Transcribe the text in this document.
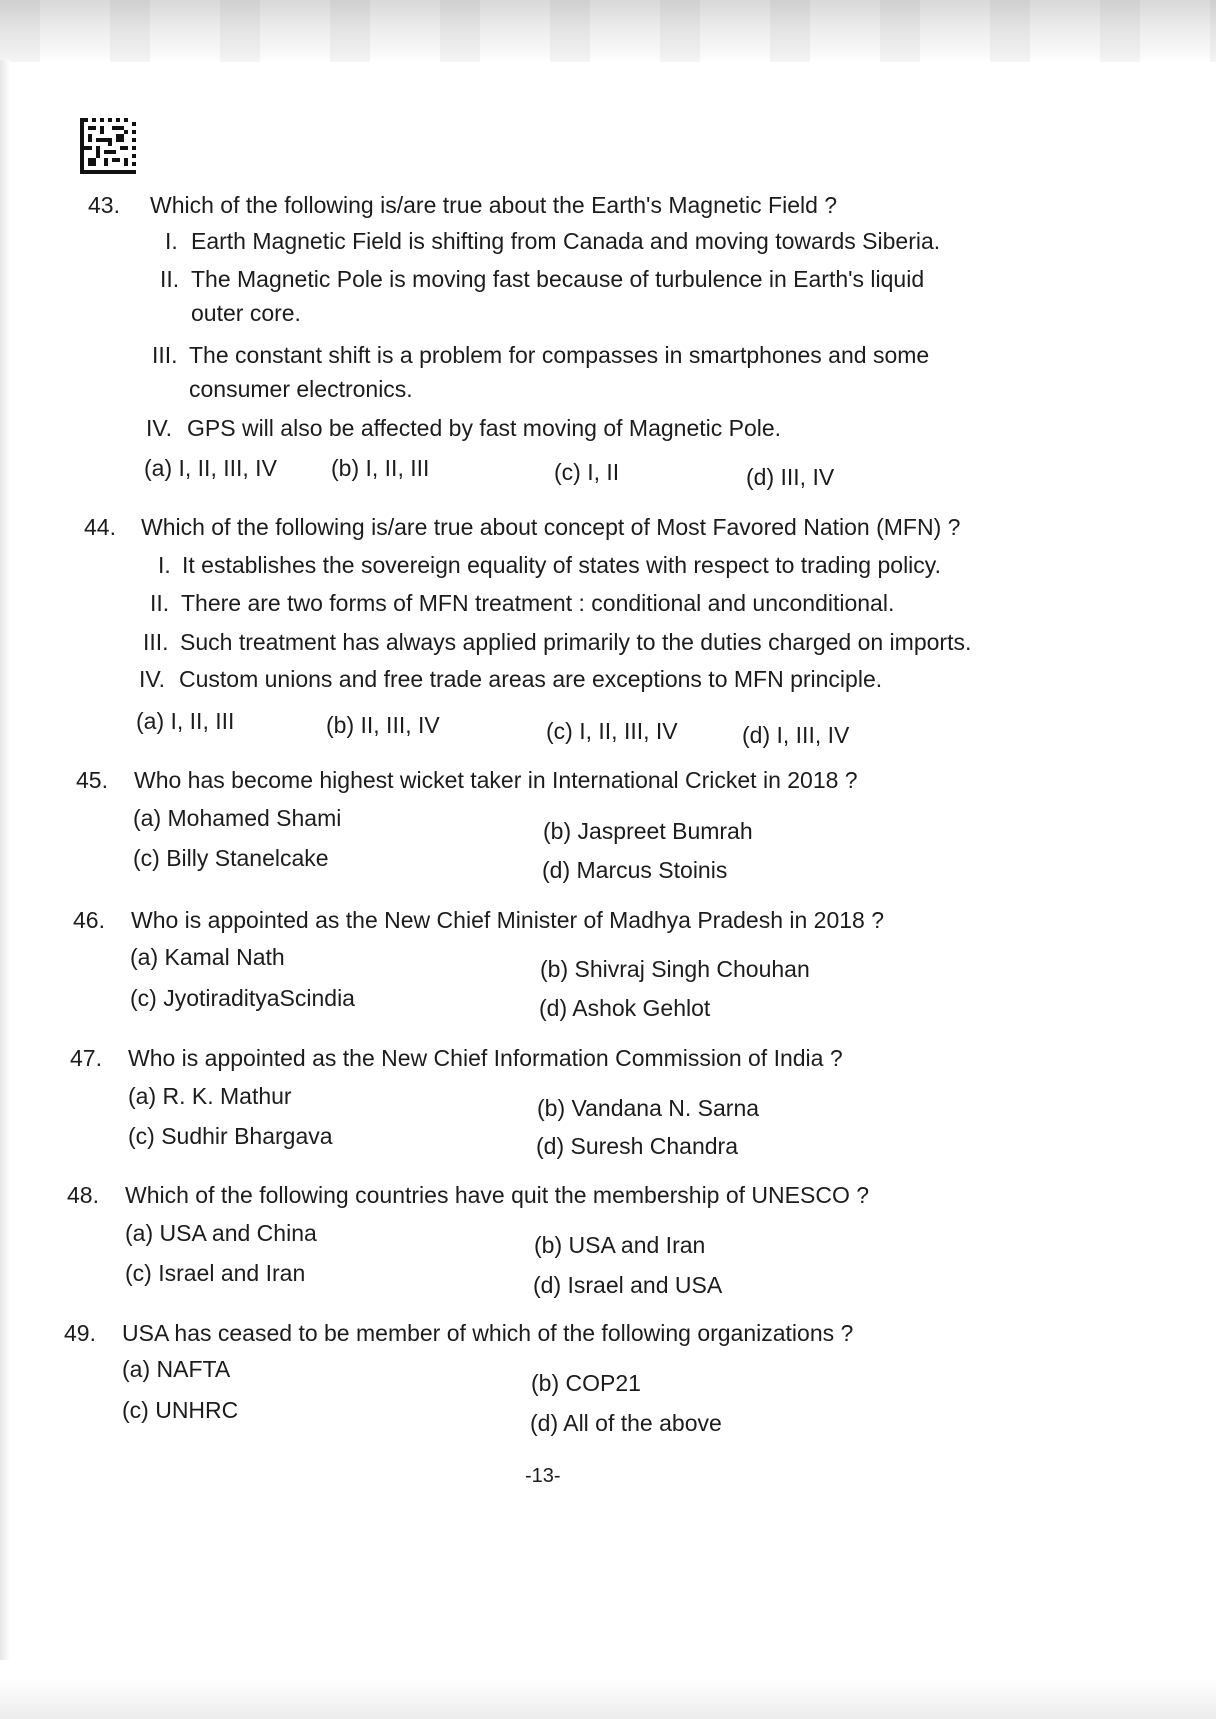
43. Which of the following is/are true about the Earth's Magnetic Field ?
I. Earth Magnetic Field is shifting from Canada and moving towards Siberia.
II. The Magnetic Pole is moving fast because of turbulence in Earth's liquid
outer core.
III. The constant shift is a problem for compasses in smartphones and some
consumer electronics.
IV. GPS will also be affected by fast moving of Magnetic Pole.
(a) I, II, III, IV (b) I, II, III	(c) I, II	(d) III, IV
44. Which of the following is/are true about concept of Most Favored Nation (MFN) ?
I. It establishes the sovereign equality of states with respect to trading policy.
II. There are two forms of MFN treatment : conditional and unconditional.
III. Such treatment has always applied primarily to the duties charged on imports.
IV. Custom unions and free trade areas are exceptions to MFN principle.
(a) I, II, III	(b) II, III, IV	(c) I, II, III, IV	(d) I, III, IV
45. Who has become highest wicket taker in International Cricket in 2018 ?
(a) Mohamed Shami	(b) Jaspreet Bumrah
(c) Billy Stanelcake	(d) Marcus Stoinis
46. Who is appointed as the New Chief Minister of Madhya Pradesh in 2018 ?
(a) Kamal Nath	(b) Shivraj Singh Chouhan
(c) JyotiradityaScindia	(d) Ashok Gehlot
47. Who is appointed as the New Chief Information Commission of India ?
(a) R. K. Mathur	(b) Vandana N. Sarna
(c) Sudhir Bhargava	(d) Suresh Chandra
48. Which of the following countries have quit the membership of UNESCO ?
(a) USA and China	(b) USA and Iran
(c) Israel and Iran	(d) Israel and USA
49. USA has ceased to be member of which of the following organizations ?
(a) NAFTA
(b) COP21
(c) UNHRC	(d) All of the above
-13-
